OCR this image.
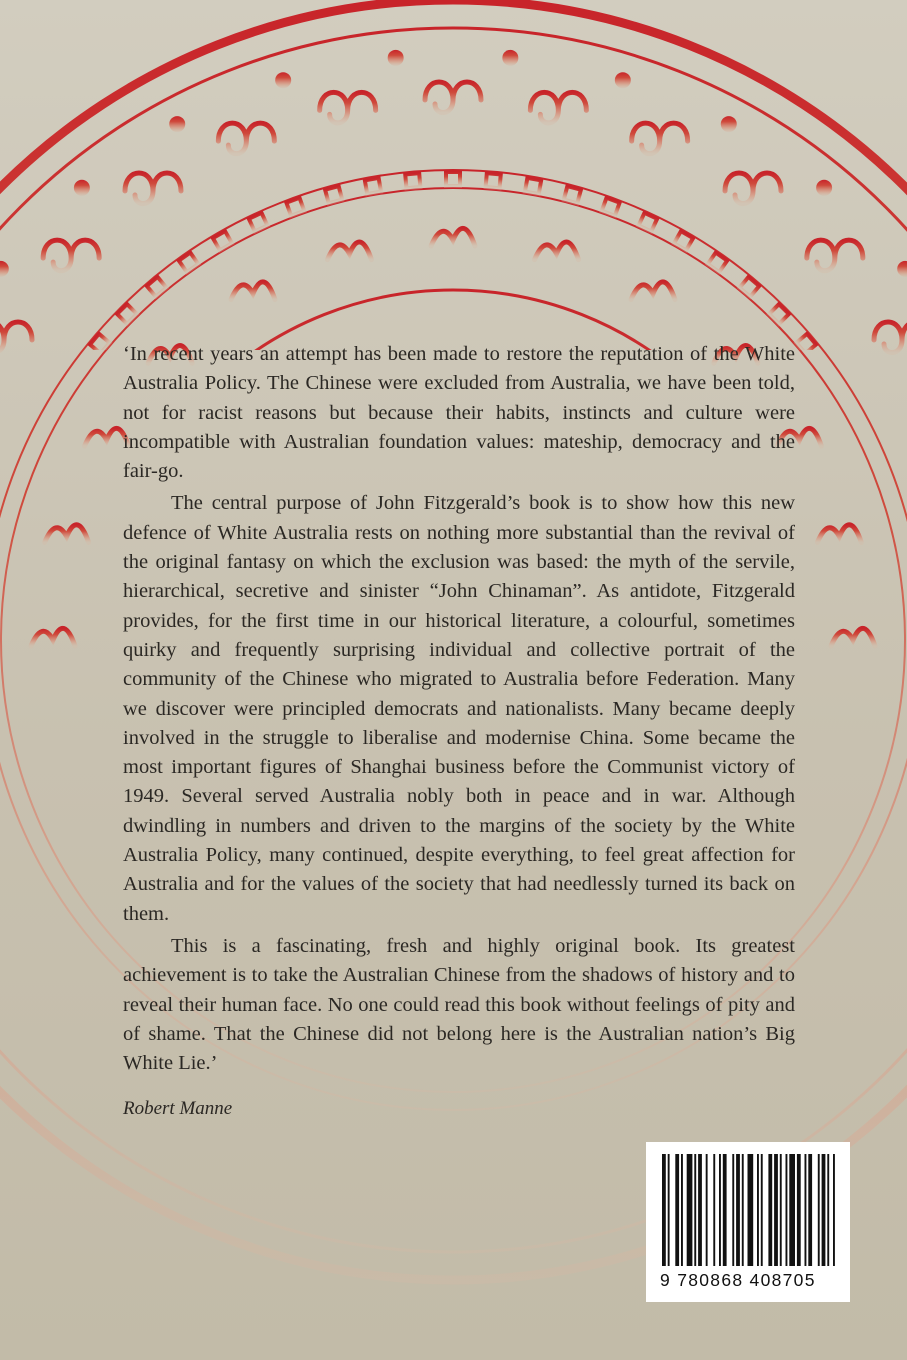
‘In recent years an attempt has been made to restore the reputation of the White Australia Policy. The Chinese were excluded from Australia, we have been told, not for racist reasons but because their habits, instincts and culture were incompatible with Australian foundation values: mateship, democracy and the fair-go.

The central purpose of John Fitzgerald’s book is to show how this new defence of White Australia rests on nothing more substantial than the revival of the original fantasy on which the exclusion was based: the myth of the servile, hierarchical, secretive and sinister “John Chinaman”. As antidote, Fitzgerald provides, for the first time in our historical literature, a colourful, sometimes quirky and frequently surprising individual and collective portrait of the community of the Chinese who migrated to Australia before Federation. Many we discover were principled democrats and nationalists. Many became deeply involved in the struggle to liberalise and modernise China. Some became the most important figures of Shanghai business before the Communist victory of 1949. Several served Australia nobly both in peace and in war. Although dwindling in numbers and driven to the margins of the society by the White Australia Policy, many continued, despite everything, to feel great affection for Australia and for the values of the society that had needlessly turned its back on them.

This is a fascinating, fresh and highly original book. Its greatest achievement is to take the Australian Chinese from the shadows of history and to reveal their human face. No one could read this book without feelings of pity and of shame. That the Chinese did not belong here is the Australian nation’s Big White Lie.’

Robert Manne
9 780868 408705
